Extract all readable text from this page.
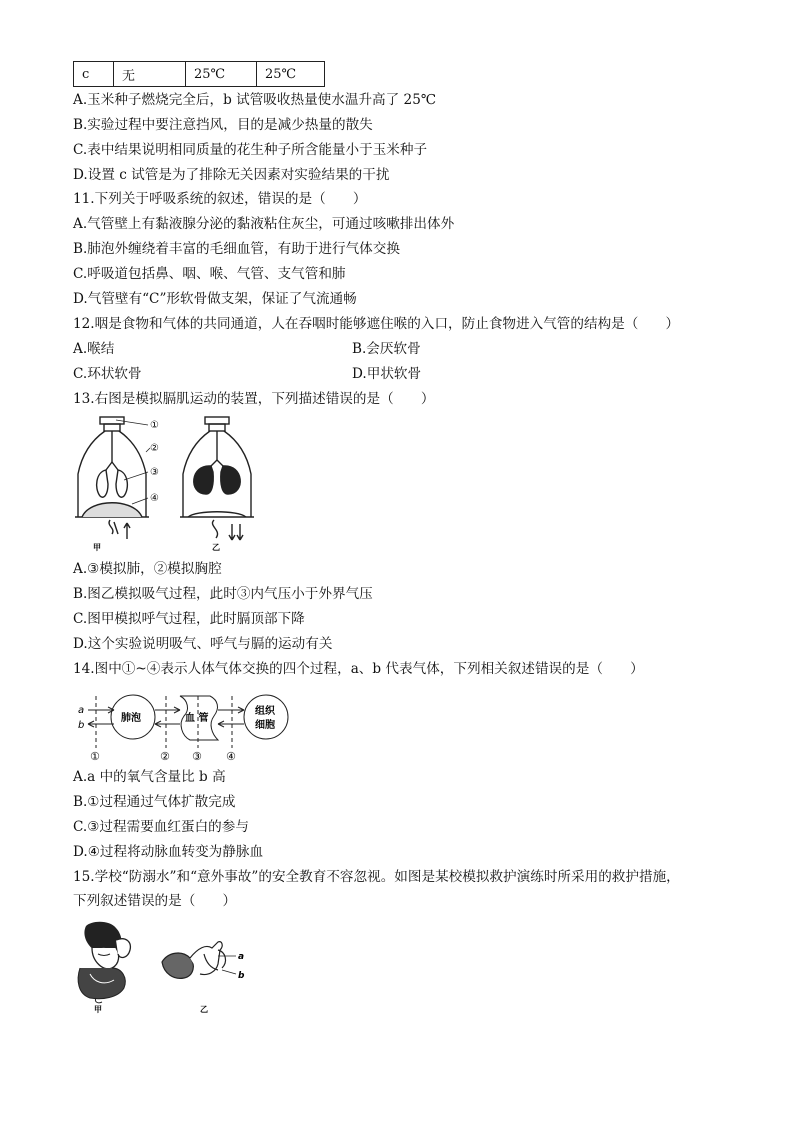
c	无	25℃	25℃
A.玉米种子燃烧完全后，b 试管吸收热量使水温升高了 25℃
B.实验过程中要注意挡风，目的是减少热量的散失
C.表中结果说明相同质量的花生种子所含能量小于玉米种子
D.设置 c 试管是为了排除无关因素对实验结果的干扰
11.下列关于呼吸系统的叙述，错误的是（　　）
A.气管壁上有黏液腺分泌的黏液粘住灰尘，可通过咳嗽排出体外
B.肺泡外缠绕着丰富的毛细血管，有助于进行气体交换
C.呼吸道包括鼻、咽、喉、气管、支气管和肺
D.气管壁有“C”形软骨做支架，保证了气流通畅
12.咽是食物和气体的共同通道，人在吞咽时能够遮住喉的入口，防止食物进入气管的结构是（　　）
A.喉结	B.会厌软骨
C.环状软骨	D.甲状软骨
13.右图是模拟膈肌运动的装置，下列描述错误的是（　　）
甲
①
②
③
④
乙
A.③模拟肺，②模拟胸腔
B.图乙模拟吸气过程，此时③内气压小于外界气压
C.图甲模拟呼气过程，此时膈顶部下降
D.这个实验说明吸气、呼气与膈的运动有关
14.图中①~④表示人体气体交换的四个过程，a、b 代表气体，下列相关叙述错误的是（　　）
a
b
肺泡	血 管
组织
细胞
①	② ③ ④
A.a 中的氧气含量比 b 高
B.①过程通过气体扩散完成
C.③过程需要血红蛋白的参与
D.④过程将动脉血转变为静脉血
15.学校“防溺水”和“意外事故”的安全教育不容忽视。如图是某校模拟救护演练时所采用的救护措施，
下列叙述错误的是（　　）
甲
a
b
乙
